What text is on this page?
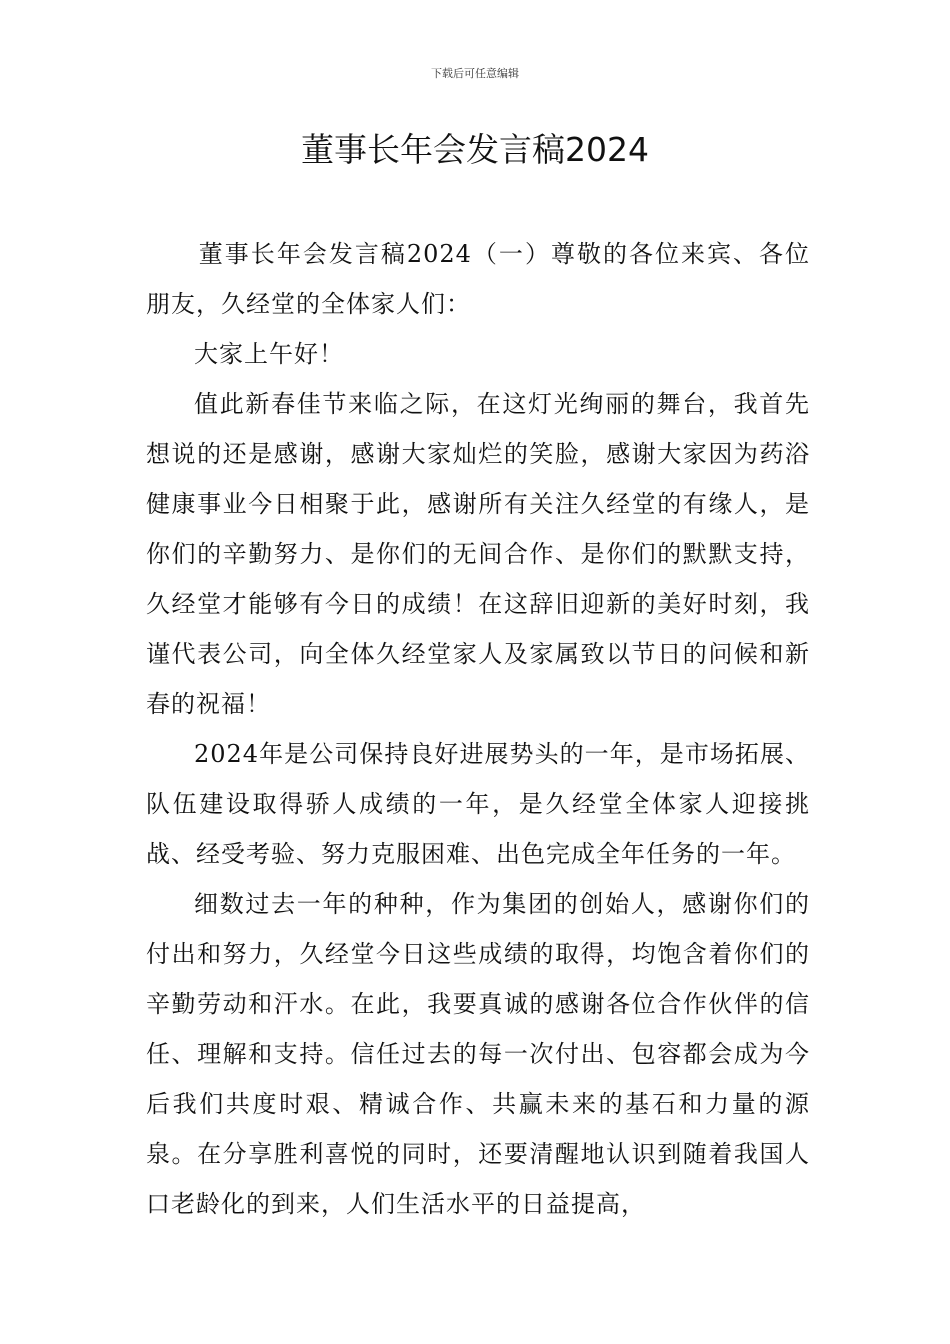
下载后可任意编辑
董事长年会发言稿2024

董事长年会发言稿2024（一）尊敬的各位来宾、各位朋友，久经堂的全体家人们：

大家上午好！

值此新春佳节来临之际，在这灯光绚丽的舞台，我首先想说的还是感谢，感谢大家灿烂的笑脸，感谢大家因为药浴健康事业今日相聚于此，感谢所有关注久经堂的有缘人，是你们的辛勤努力、是你们的无间合作、是你们的默默支持，久经堂才能够有今日的成绩！在这辞旧迎新的美好时刻，我谨代表公司，向全体久经堂家人及家属致以节日的问候和新春的祝福！

2024年是公司保持良好进展势头的一年，是市场拓展、队伍建设取得骄人成绩的一年，是久经堂全体家人迎接挑战、经受考验、努力克服困难、出色完成全年任务的一年。

细数过去一年的种种，作为集团的创始人，感谢你们的付出和努力，久经堂今日这些成绩的取得，均饱含着你们的辛勤劳动和汗水。在此，我要真诚的感谢各位合作伙伴的信任、理解和支持。信任过去的每一次付出、包容都会成为今后我们共度时艰、精诚合作、共赢未来的基石和力量的源泉。在分享胜利喜悦的同时，还要清醒地认识到随着我国人口老龄化的到来，人们生活水平的日益提高，
